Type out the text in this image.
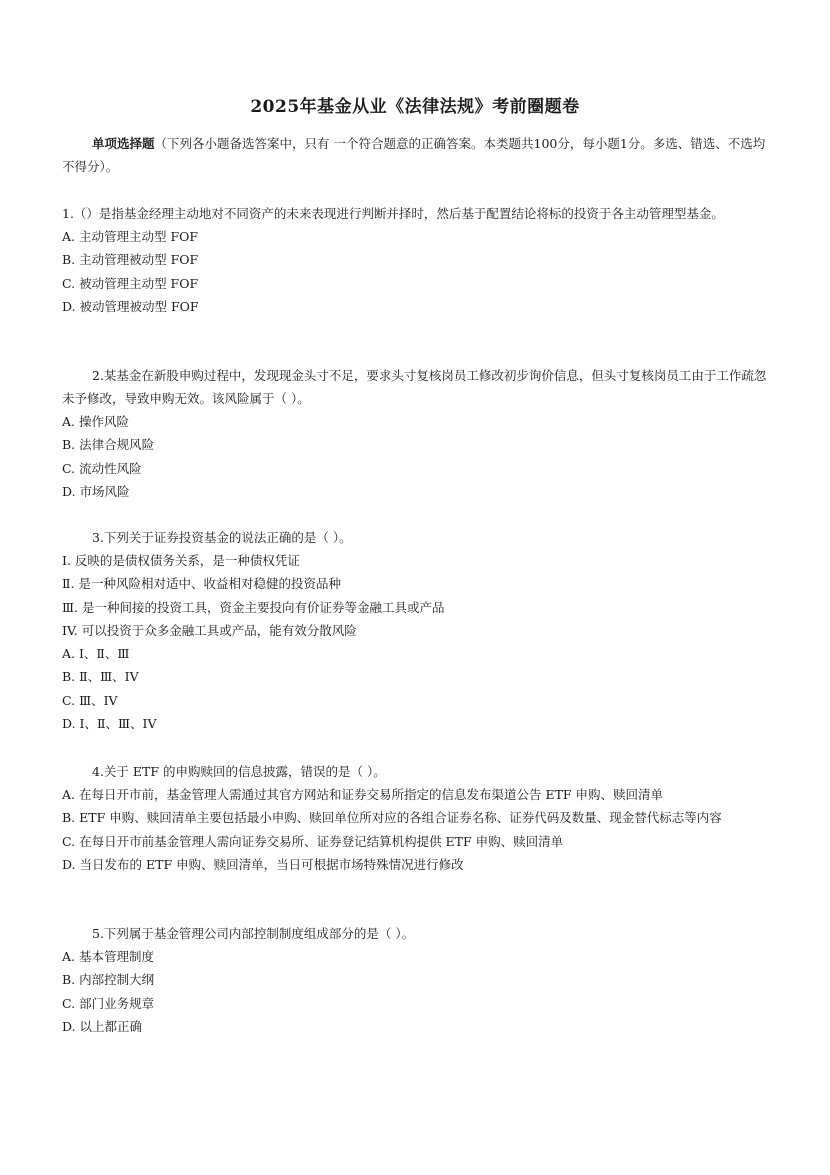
2025年基金从业《法律法规》考前圈题卷
单项选择题（下列各小题备选答案中，只有 一个符合题意的正确答案。本类题共100分，每小题1分。多选、错选、不选均不得分）。
1.（）是指基金经理主动地对不同资产的未来表现进行判断并择时，然后基于配置结论将标的投资于各主动管理型基金。
A. 主动管理主动型 FOF
B. 主动管理被动型 FOF
C. 被动管理主动型 FOF
D. 被动管理被动型 FOF
2.某基金在新股申购过程中，发现现金头寸不足，要求头寸复核岗员工修改初步询价信息，但头寸复核岗员工由于工作疏忽未予修改，导致申购无效。该风险属于（ ）。
A. 操作风险
B. 法律合规风险
C. 流动性风险
D. 市场风险
3.下列关于证券投资基金的说法正确的是（ ）。
I. 反映的是债权债务关系，是一种债权凭证
Ⅱ. 是一种风险相对适中、收益相对稳健的投资品种
Ⅲ. 是一种间接的投资工具，资金主要投向有价证券等金融工具或产品
IV. 可以投资于众多金融工具或产品，能有效分散风险
A. I、Ⅱ、Ⅲ
B. Ⅱ、Ⅲ、IV
C. Ⅲ、IV
D. I、Ⅱ、Ⅲ、IV
4.关于 ETF 的申购赎回的信息披露，错误的是（ ）。
A. 在每日开市前，基金管理人需通过其官方网站和证券交易所指定的信息发布渠道公告 ETF 申购、赎回清单
B. ETF 申购、赎回清单主要包括最小申购、赎回单位所对应的各组合证券名称、证券代码及数量、现金替代标志等内容
C. 在每日开市前基金管理人需向证券交易所、证券登记结算机构提供 ETF 申购、赎回清单
D. 当日发布的 ETF 申购、赎回清单，当日可根据市场特殊情况进行修改
5.下列属于基金管理公司内部控制制度组成部分的是（ ）。
A. 基本管理制度
B. 内部控制大纲
C. 部门业务规章
D. 以上都正确
